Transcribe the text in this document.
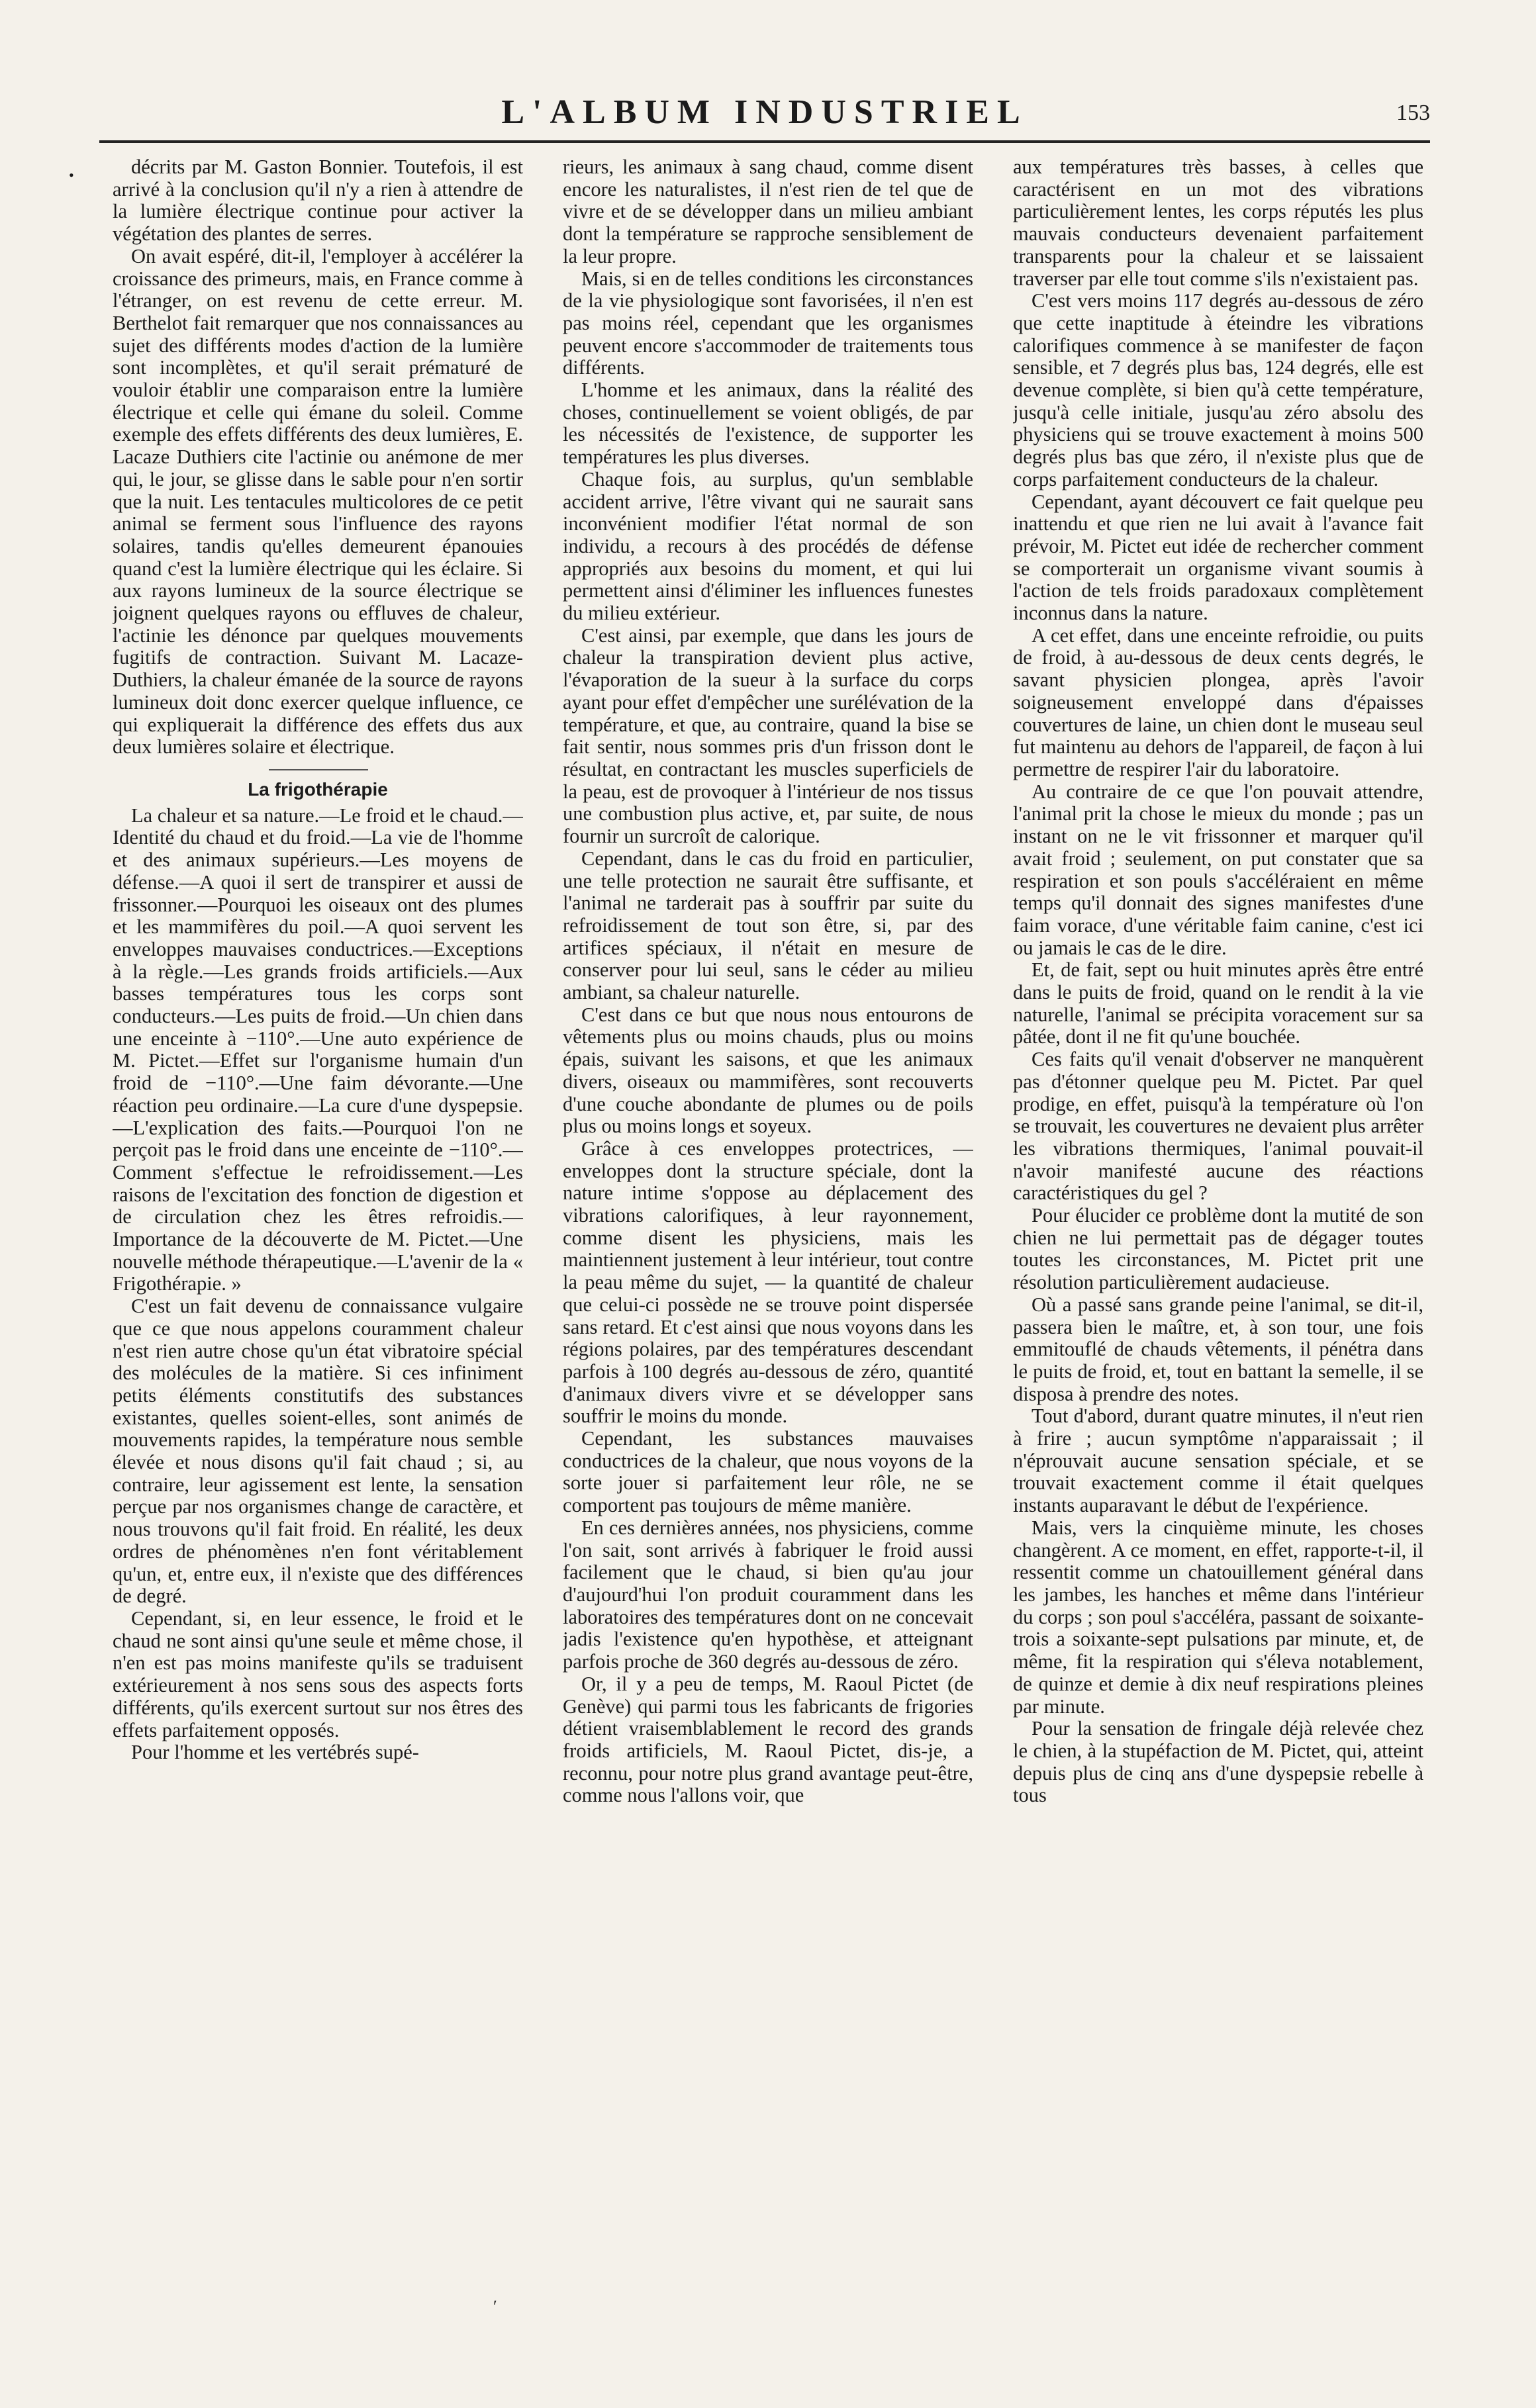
L'ALBUM INDUSTRIEL	153
•	décrits par M. Gaston Bonnier. Toutefois, il est arrivé à la conclusion qu'il n'y a rien à attendre de la lumière électrique continue pour activer la végétation des plantes de serres.

On avait espéré, dit-il, l'employer à accélérer la croissance des primeurs, mais, en France comme à l'étranger, on est revenu de cette erreur. M. Berthelot fait remarquer que nos connaissances au sujet des différents modes d'action de la lumière sont incomplètes, et qu'il serait prématuré de vouloir établir une comparaison entre la lumière électrique et celle qui émane du soleil. Comme exemple des effets différents des deux lumières, E. Lacaze Duthiers cite l'actinie ou anémone de mer qui, le jour, se glisse dans le sable pour n'en sortir que la nuit. Les tentacules multicolores de ce petit animal se ferment sous l'influence des rayons solaires, tandis qu'elles demeurent épanouies quand c'est la lumière électrique qui les éclaire. Si aux rayons lumineux de la source électrique se joignent quelques rayons ou effluves de chaleur, l'actinie les dénonce par quelques mouvements fugitifs de contraction. Suivant M. Lacaze-Duthiers, la chaleur émanée de la source de rayons lumineux doit donc exercer quelque influence, ce qui expliquerait la différence des effets dus aux deux lumières solaire et électrique.

La frigothérapie

La chaleur et sa nature.—Le froid et le chaud.—Identité du chaud et du froid.—La vie de l'homme et des animaux supérieurs.—Les moyens de défense.—A quoi il sert de transpirer et aussi de frissonner.—Pourquoi les oiseaux ont des plumes et les mammifères du poil.—A quoi servent les enveloppes mauvaises conductrices.—Exceptions à la règle.—Les grands froids artificiels.—Aux basses températures tous les corps sont conducteurs.—Les puits de froid.—Un chien dans une enceinte à −110°.—Une auto expérience de M. Pictet.—Effet sur l'organisme humain d'un froid de −110°.—Une faim dévorante.—Une réaction peu ordinaire.—La cure d'une dyspepsie.—L'explication des faits.—Pourquoi l'on ne perçoit pas le froid dans une enceinte de −110°.—Comment s'effectue le refroidissement.—Les raisons de l'excitation des fonction de digestion et de circulation chez les êtres refroidis.—Importance de la découverte de M. Pictet.—Une nouvelle méthode thérapeutique.—L'avenir de la « Frigothérapie. »

C'est un fait devenu de connaissance vulgaire que ce que nous appelons couramment chaleur n'est rien autre chose qu'un état vibratoire spécial des molécules de la matière. Si ces infiniment petits éléments constitutifs des substances existantes, quelles soient-elles, sont animés de mouvements rapides, la température nous semble élevée et nous disons qu'il fait chaud ; si, au contraire, leur agissement est lente, la sensation perçue par nos organismes change de caractère, et nous trouvons qu'il fait froid. En réalité, les deux ordres de phénomènes n'en font véritablement qu'un, et, entre eux, il n'existe que des différences de degré.

Cependant, si, en leur essence, le froid et le chaud ne sont ainsi qu'une seule et même chose, il n'en est pas moins manifeste qu'ils se traduisent extérieurement à nos sens sous des aspects forts différents, qu'ils exercent surtout sur nos êtres des effets parfaitement opposés.

Pour l'homme et les vertébrés supé-

rieurs, les animaux à sang chaud, comme disent encore les naturalistes, il n'est rien de tel que de vivre et de se développer dans un milieu ambiant dont la température se rapproche sensiblement de la leur propre.

Mais, si en de telles conditions les circonstances de la vie physiologique sont favorisées, il n'en est pas moins réel, cependant que les organismes peuvent encore s'accommoder de traitements tous différents.

L'homme et les animaux, dans la réalité des choses, continuellement se voient obligés, de par les nécessités de l'existence, de supporter les températures les plus diverses.

Chaque fois, au surplus, qu'un semblable accident arrive, l'être vivant qui ne saurait sans inconvénient modifier l'état normal de son individu, a recours à des procédés de défense appropriés aux besoins du moment, et qui lui permettent ainsi d'éliminer les influences funestes du milieu extérieur.

C'est ainsi, par exemple, que dans les jours de chaleur la transpiration devient plus active, l'évaporation de la sueur à la surface du corps ayant pour effet d'empêcher une surélévation de la température, et que, au contraire, quand la bise se fait sentir, nous sommes pris d'un frisson dont le résultat, en contractant les muscles superficiels de la peau, est de provoquer à l'intérieur de nos tissus une combustion plus active, et, par suite, de nous fournir un surcroît de calorique.

Cependant, dans le cas du froid en particulier, une telle protection ne saurait être suffisante, et l'animal ne tarderait pas à souffrir par suite du refroidissement de tout son être, si, par des artifices spéciaux, il n'était en mesure de conserver pour lui seul, sans le céder au milieu ambiant, sa chaleur naturelle.

C'est dans ce but que nous nous entourons de vêtements plus ou moins chauds, plus ou moins épais, suivant les saisons, et que les animaux divers, oiseaux ou mammifères, sont recouverts d'une couche abondante de plumes ou de poils plus ou moins longs et soyeux.

Grâce à ces enveloppes protectrices, —enveloppes dont la structure spéciale, dont la nature intime s'oppose au déplacement des vibrations calorifiques, à leur rayonnement, comme disent les physiciens, mais les maintiennent justement à leur intérieur, tout contre la peau même du sujet, — la quantité de chaleur que celui-ci possède ne se trouve point dispersée sans retard. Et c'est ainsi que nous voyons dans les régions polaires, par des températures descendant parfois à 100 degrés au-dessous de zéro, quantité d'animaux divers vivre et se développer sans souffrir le moins du monde.

Cependant, les substances mauvaises conductrices de la chaleur, que nous voyons de la sorte jouer si parfaitement leur rôle, ne se comportent pas toujours de même manière.

En ces dernières années, nos physiciens, comme l'on sait, sont arrivés à fabriquer le froid aussi facilement que le chaud, si bien qu'au jour d'aujourd'hui l'on produit couramment dans les laboratoires des températures dont on ne concevait jadis l'existence qu'en hypothèse, et atteignant parfois proche de 360 degrés au-dessous de zéro.

Or, il y a peu de temps, M. Raoul Pictet (de Genève) qui parmi tous les fabricants de frigories détient vraisemblablement le record des grands froids artificiels, M. Raoul Pictet, dis-je, a reconnu, pour notre plus grand avantage peut-être, comme nous l'allons voir, que

aux températures très basses, à celles que caractérisent en un mot des vibrations particulièrement lentes, les corps réputés les plus mauvais conducteurs devenaient parfaitement transparents pour la chaleur et se laissaient traverser par elle tout comme s'ils n'existaient pas.

C'est vers moins 117 degrés au-dessous de zéro que cette inaptitude à éteindre les vibrations calorifiques commence à se manifester de façon sensible, et 7 degrés plus bas, 124 degrés, elle est devenue complète, si bien qu'à cette température, jusqu'à celle initiale, jusqu'au zéro absolu des physiciens qui se trouve exactement à moins 500 degrés plus bas que zéro, il n'existe plus que de corps parfaitement conducteurs de la chaleur.

Cependant, ayant découvert ce fait quelque peu inattendu et que rien ne lui avait à l'avance fait prévoir, M. Pictet eut idée de rechercher comment se comporterait un organisme vivant soumis à l'action de tels froids paradoxaux complètement inconnus dans la nature.

A cet effet, dans une enceinte refroidie, ou puits de froid, à au-dessous de deux cents degrés, le savant physicien plongea, après l'avoir soigneusement enveloppé dans d'épaisses couvertures de laine, un chien dont le museau seul fut maintenu au dehors de l'appareil, de façon à lui permettre de respirer l'air du laboratoire.

Au contraire de ce que l'on pouvait attendre, l'animal prit la chose le mieux du monde ; pas un instant on ne le vit frissonner et marquer qu'il avait froid ; seulement, on put constater que sa respiration et son pouls s'accéléraient en même temps qu'il donnait des signes manifestes d'une faim vorace, d'une véritable faim canine, c'est ici ou jamais le cas de le dire.

Et, de fait, sept ou huit minutes après être entré dans le puits de froid, quand on le rendit à la vie naturelle, l'animal se précipita voracement sur sa pâtée, dont il ne fit qu'une bouchée.

Ces faits qu'il venait d'observer ne manquèrent pas d'étonner quelque peu M. Pictet. Par quel prodige, en effet, puisqu'à la température où l'on se trouvait, les couvertures ne devaient plus arrêter les vibrations thermiques, l'animal pouvait-il n'avoir manifesté aucune des réactions caractéristiques du gel ?

Pour élucider ce problème dont la mutité de son chien ne lui permettait pas de dégager toutes toutes les circonstances, M. Pictet prit une résolution particulièrement audacieuse.

Où a passé sans grande peine l'animal, se dit-il, passera bien le maître, et, à son tour, une fois emmitouflé de chauds vêtements, il pénétra dans le puits de froid, et, tout en battant la semelle, il se disposa à prendre des notes.

Tout d'abord, durant quatre minutes, il n'eut rien à frire ; aucun symptôme n'apparaissait ; il n'éprouvait aucune sensation spéciale, et se trouvait exactement comme il était quelques instants auparavant le début de l'expérience.

Mais, vers la cinquième minute, les choses changèrent. A ce moment, en effet, rapporte-t-il, il ressentit comme un chatouillement général dans les jambes, les hanches et même dans l'intérieur du corps ; son poul s'accéléra, passant de soixante-trois a soixante-sept pulsations par minute, et, de même, fit la respiration qui s'éleva notablement, de quinze et demie à dix neuf respirations pleines par minute.

Pour la sensation de fringale déjà relevée chez le chien, à la stupéfaction de M. Pictet, qui, atteint depuis plus de cinq ans d'une dyspepsie rebelle à tous

ʹ
